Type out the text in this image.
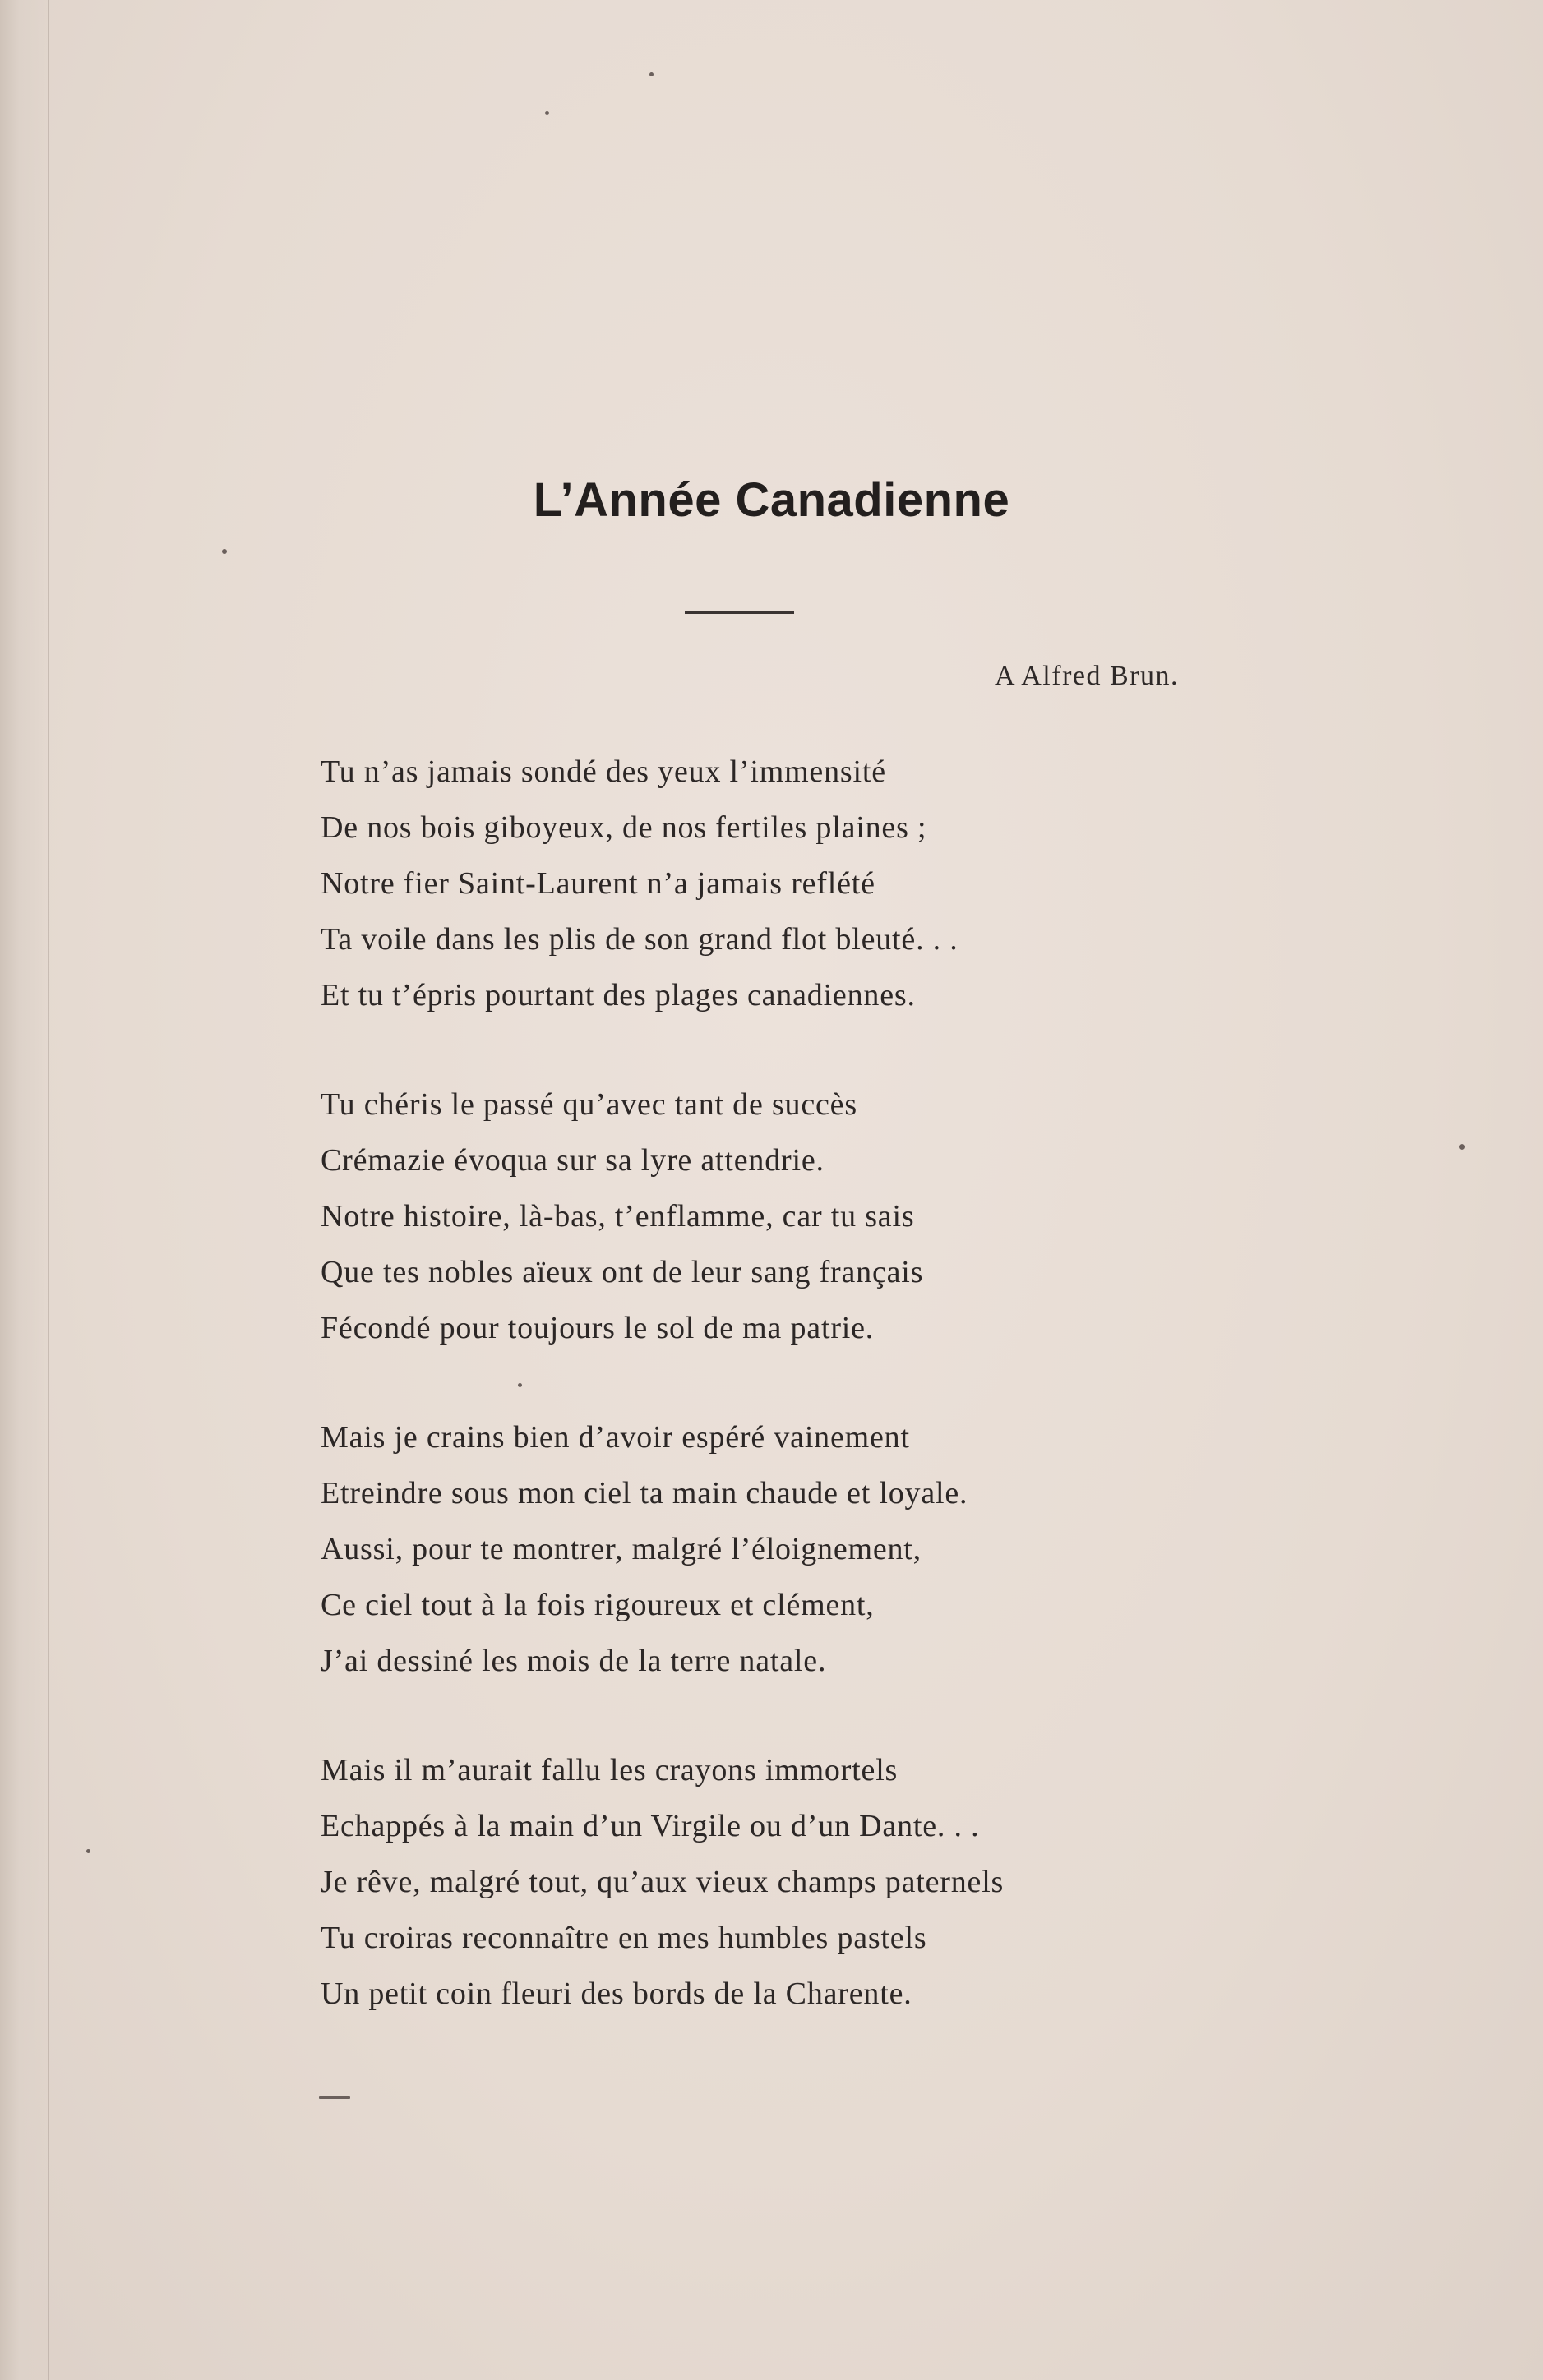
L’Année Canadienne
A Alfred Brun.
Tu n’as jamais sondé des yeux l’immensité
De nos bois giboyeux, de nos fertiles plaines ;
Notre fier Saint-Laurent n’a jamais reflété
Ta voile dans les plis de son grand flot bleuté. . .
Et tu t’épris pourtant des plages canadiennes.
Tu chéris le passé qu’avec tant de succès
Crémazie évoqua sur sa lyre attendrie.
Notre histoire, là-bas, t’enflamme, car tu sais
Que tes nobles aïeux ont de leur sang français
Fécondé pour toujours le sol de ma patrie.
Mais je crains bien d’avoir espéré vainement
Etreindre sous mon ciel ta main chaude et loyale.
Aussi, pour te montrer, malgré l’éloignement,
Ce ciel tout à la fois rigoureux et clément,
J’ai dessiné les mois de la terre natale.
Mais il m’aurait fallu les crayons immortels
Echappés à la main d’un Virgile ou d’un Dante. . .
Je rêve, malgré tout, qu’aux vieux champs paternels
Tu croiras reconnaître en mes humbles pastels
Un petit coin fleuri des bords de la Charente.
